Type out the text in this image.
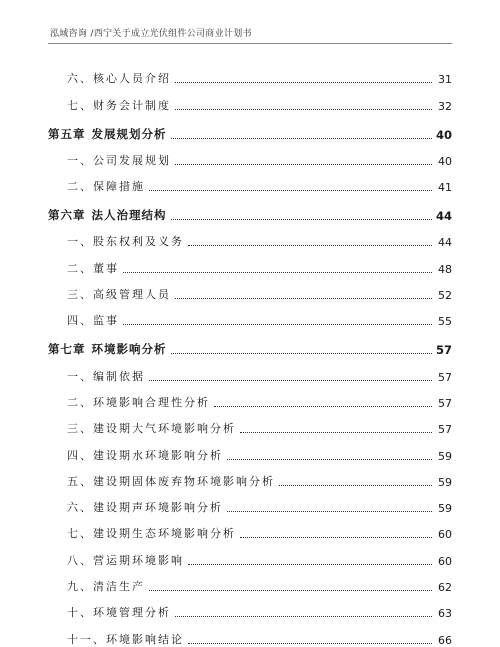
泓域咨询 /西宁关于成立光伏组件公司商业计划书
六、 核心人员介绍	31
七、 财务会计制度	32
第五章 发展规划分析	40
一、 公司发展规划	40
二、 保障措施	41
第六章 法人治理结构	44
一、 股东权利及义务	44
二、 董事	48
三、 高级管理人员	52
四、 监事	55
第七章 环境影响分析	57
一、 编制依据	57
二、 环境影响合理性分析	57
三、 建设期大气环境影响分析	57
四、 建设期水环境影响分析	59
五、 建设期固体废弃物环境影响分析	59
六、 建设期声环境影响分析	59
七、 建设期生态环境影响分析	60
八、 营运期环境影响	60
九、 清洁生产	62
十、 环境管理分析	63
十一、 环境影响结论	66
